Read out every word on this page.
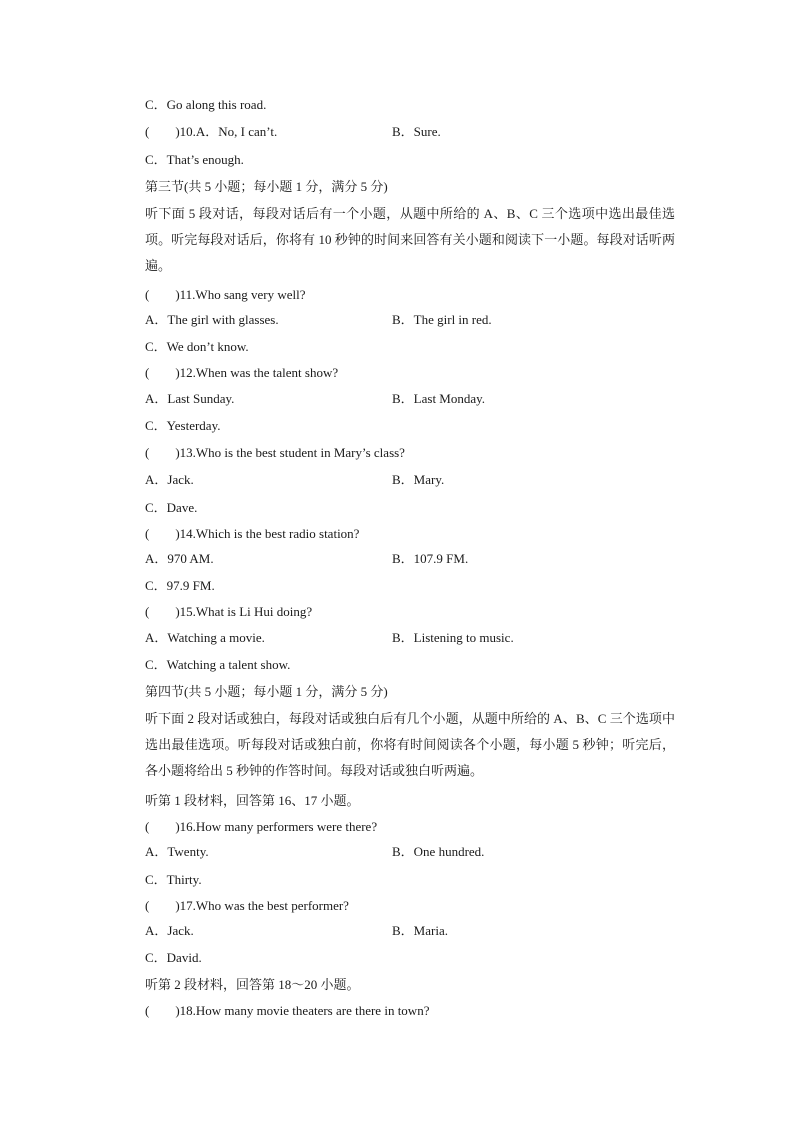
C．Go along this road.
(　　)10.A．No, I can’t.	B．Sure.
C．That’s enough.
第三节(共 5 小题；每小题 1 分，满分 5 分)
听下面 5 段对话，每段对话后有一个小题，从题中所给的 A、B、C 三个选项中选出最佳选项。听完每段对话后，你将有 10 秒钟的时间来回答有关小题和阅读下一小题。每段对话听两遍。
(　　)11.Who sang very well?
A．The girl with glasses.	B．The girl in red.
C．We don’t know.
(　　)12.When was the talent show?
A．Last Sunday.	B．Last Monday.
C．Yesterday.
(　　)13.Who is the best student in Mary’s class?
A．Jack.	B．Mary.
C．Dave.
(　　)14.Which is the best radio station?
A．970 AM.	B．107.9 FM.
C．97.9 FM.
(　　)15.What is Li Hui doing?
A．Watching a movie.	B．Listening to music.
C．Watching a talent show.
第四节(共 5 小题；每小题 1 分，满分 5 分)
听下面 2 段对话或独白，每段对话或独白后有几个小题，从题中所给的 A、B、C 三个选项中选出最佳选项。听每段对话或独白前，你将有时间阅读各个小题，每小题 5 秒钟；听完后，各小题将给出 5 秒钟的作答时间。每段对话或独白听两遍。
听第 1 段材料，回答第 16、17 小题。
(　　)16.How many performers were there?
A．Twenty.	B．One hundred.
C．Thirty.
(　　)17.Who was the best performer?
A．Jack.	B．Maria.
C．David.
听第 2 段材料，回答第 18～20 小题。
(　　)18.How many movie theaters are there in town?
